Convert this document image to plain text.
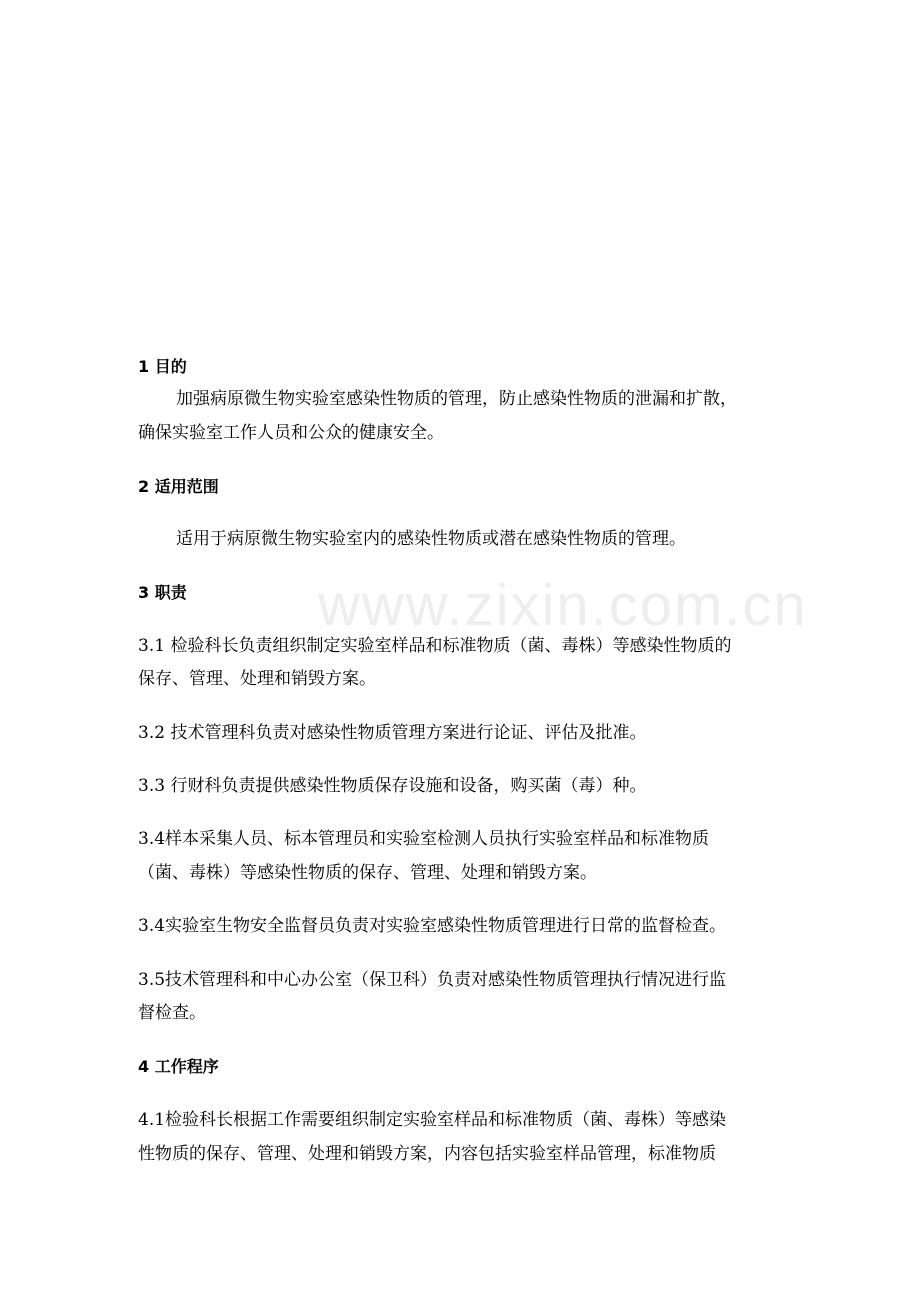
www.zixin.com.cn
1 目的
加强病原微生物实验室感染性物质的管理，防止感染性物质的泄漏和扩散，
确保实验室工作人员和公众的健康安全。
2 适用范围
适用于病原微生物实验室内的感染性物质或潜在感染性物质的管理。
3 职责
3.1 检验科长负责组织制定实验室样品和标准物质（菌、毒株）等感染性物质的
保存、管理、处理和销毁方案。
3.2 技术管理科负责对感染性物质管理方案进行论证、评估及批准。
3.3 行财科负责提供感染性物质保存设施和设备，购买菌（毒）种。
3.4样本采集人员、标本管理员和实验室检测人员执行实验室样品和标准物质
（菌、毒株）等感染性物质的保存、管理、处理和销毁方案。
3.4实验室生物安全监督员负责对实验室感染性物质管理进行日常的监督检查。
3.5技术管理科和中心办公室（保卫科）负责对感染性物质管理执行情况进行监
督检查。
4 工作程序
4.1检验科长根据工作需要组织制定实验室样品和标准物质（菌、毒株）等感染
性物质的保存、管理、处理和销毁方案，内容包括实验室样品管理，标准物质
